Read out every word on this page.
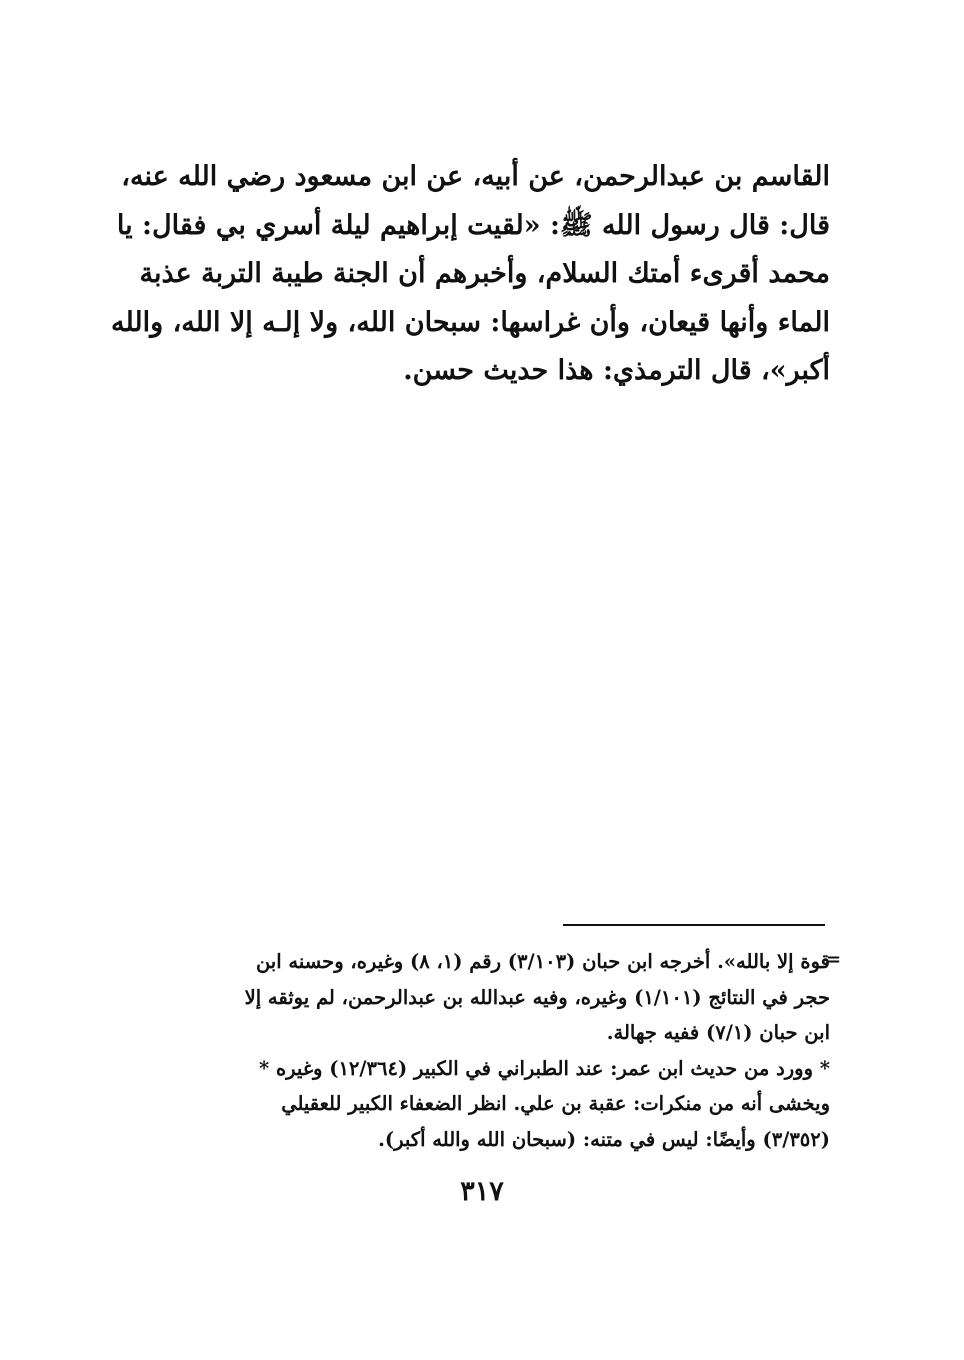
القاسم بن عبدالرحمن، عن أبيه، عن ابن مسعود رضي الله عنه،

قال: قال رسول الله ﷺ: «لقيت إبراهيم ليلة أسري بي فقال: يا

محمد أقرىء أمتك السلام، وأخبرهم أن الجنة طيبة التربة عذبة

الماء وأنها قيعان، وأن غراسها: سبحان الله، ولا إلـه إلا الله، والله

أكبر»، قال الترمذي: هذا حديث حسن.

=

قوة إلا بالله». أخرجه ابن حبان (٣/١٠٣) رقم (١، ٨) وغيره، وحسنه ابن

حجر في النتائج (١/١٠١) وغيره، وفيه عبدالله بن عبدالرحمن، لم يوثقه إلا

ابن حبان (٧/١) ففيه جهالة.

* وورد من حديث ابن عمر: عند الطبراني في الكبير (١٢/٣٦٤) وغيره *

ويخشى أنه من منكرات: عقبة بن علي. انظر الضعفاء الكبير للعقيلي

(٣/٣٥٢) وأيضًا: ليس في متنه: (سبحان الله والله أكبر).

٣١٧
